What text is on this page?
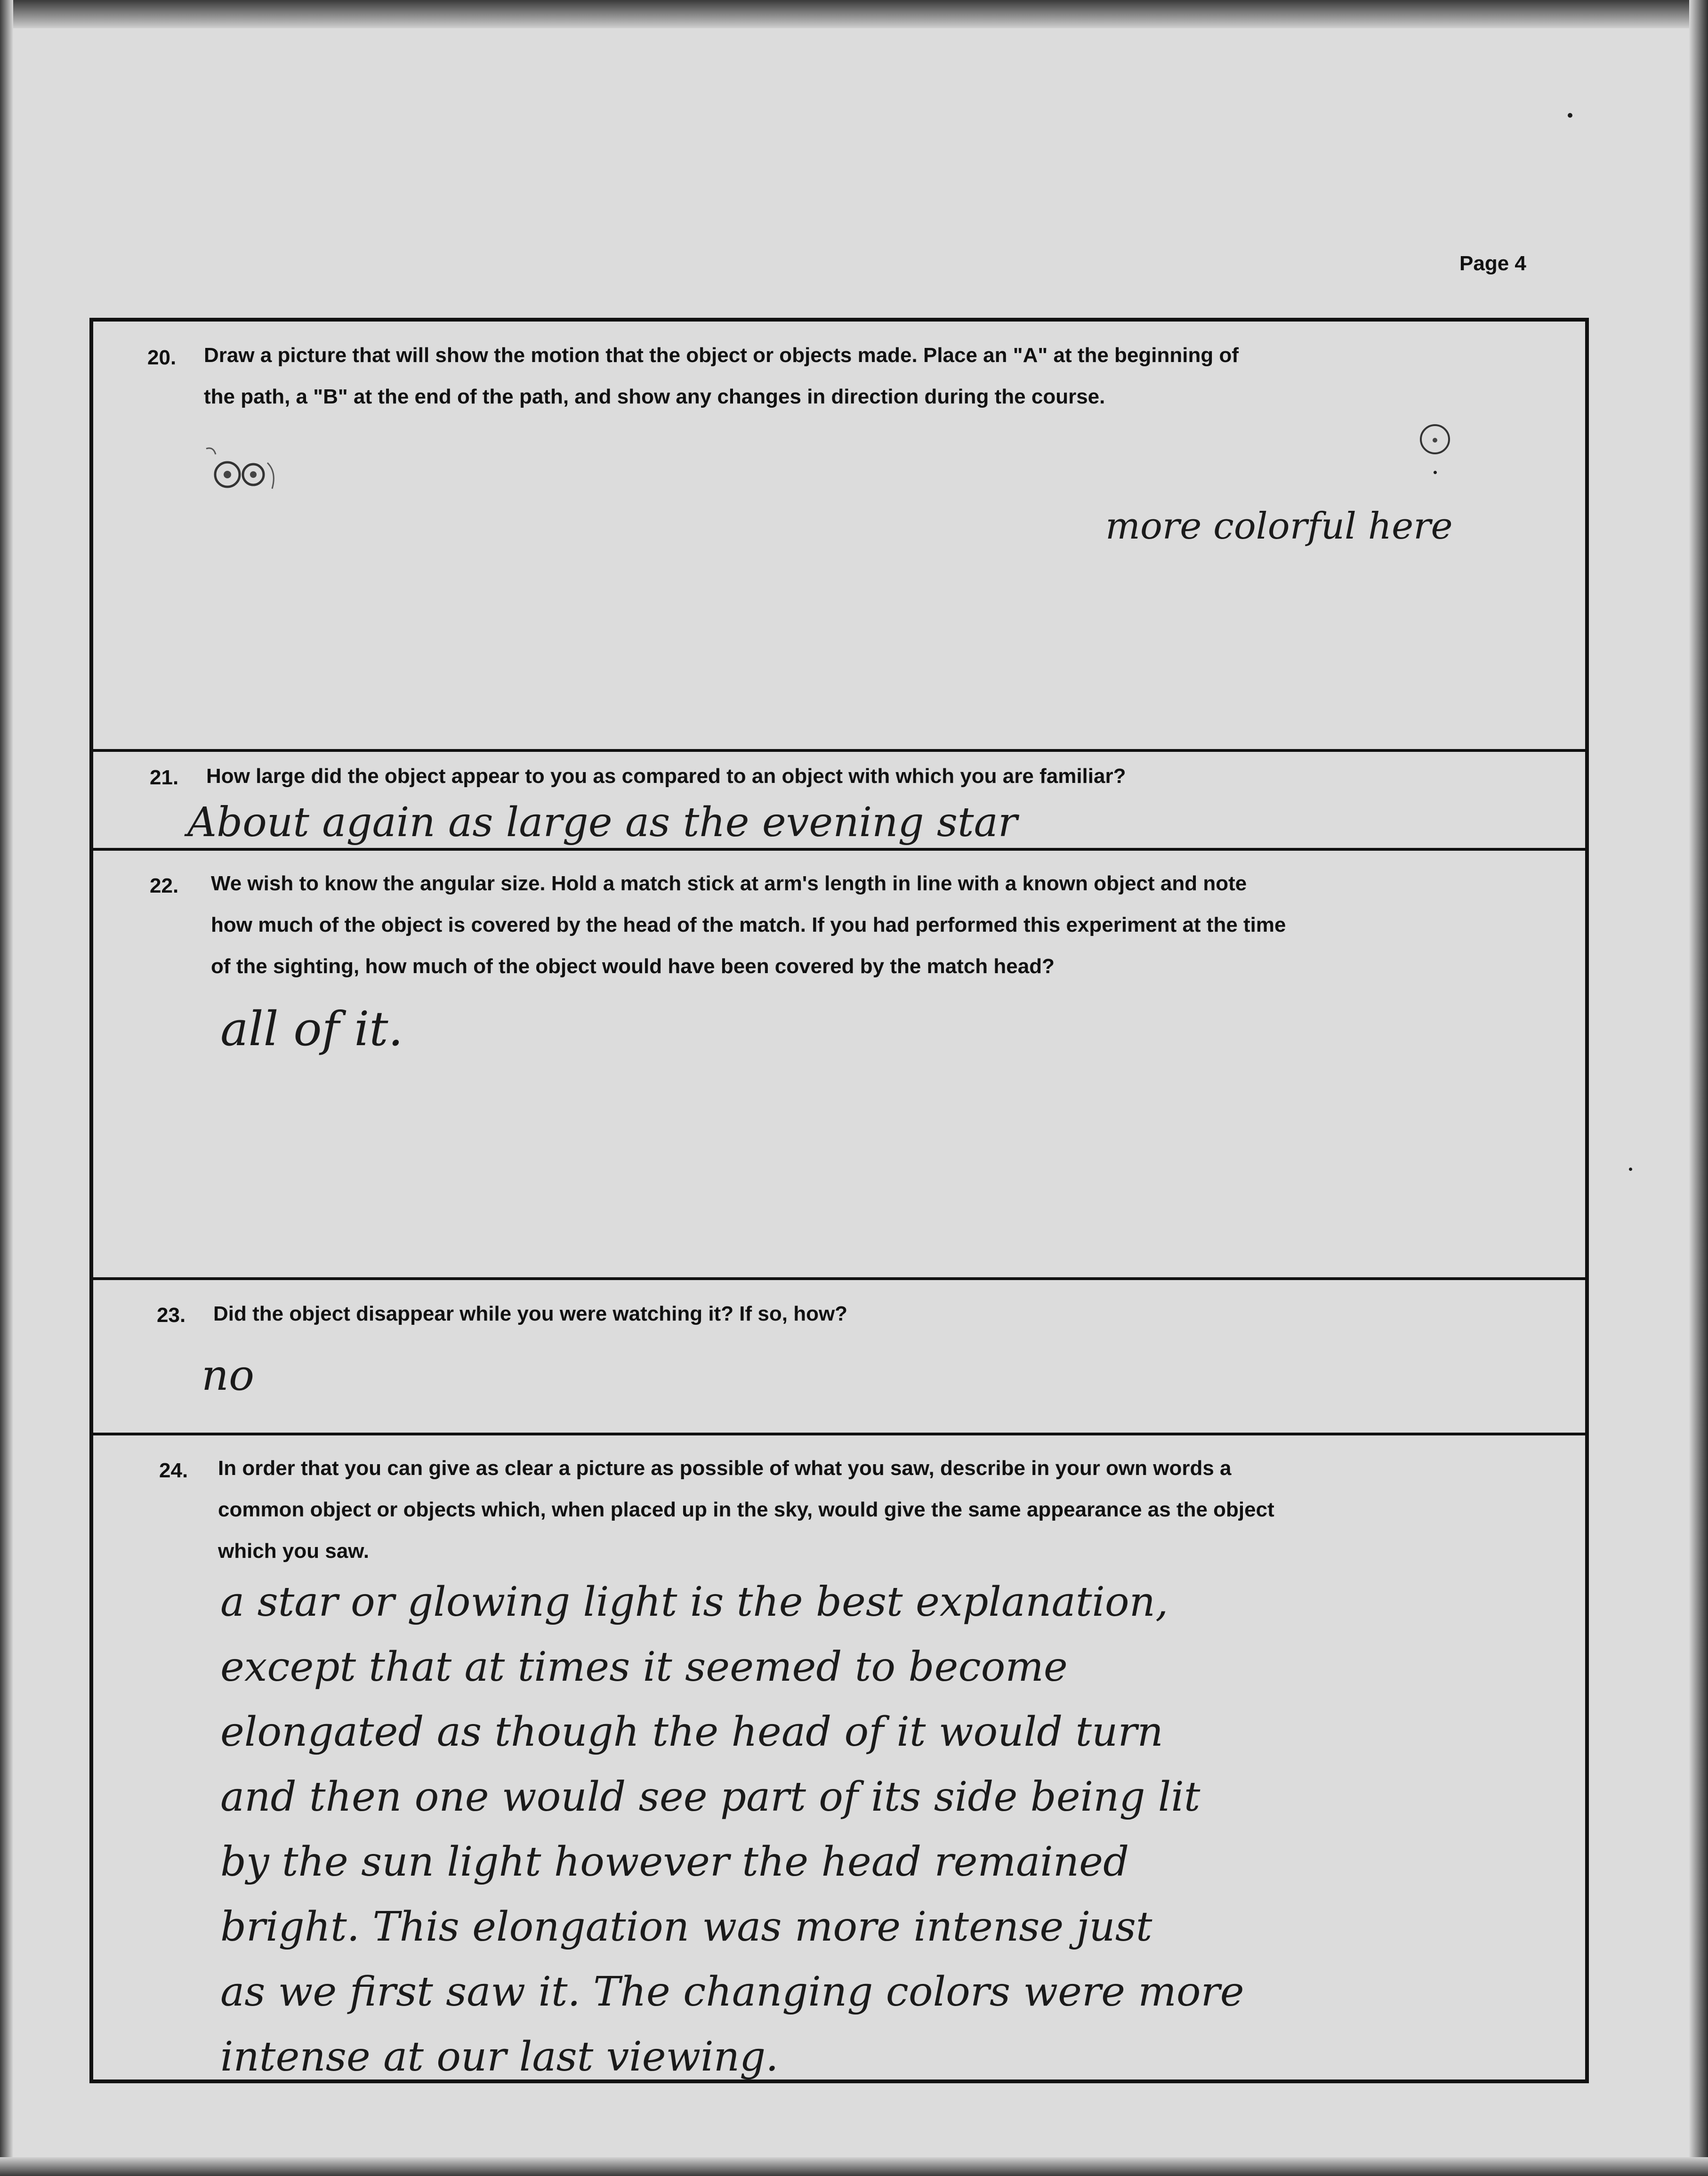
Page 4
20. Draw a picture that will show the motion that the object or objects made. Place an "A" at the beginning of
the path, a "B" at the end of the path, and show any changes in direction during the course.
more colorful here
21. How large did the object appear to you as compared to an object with which you are familiar?
About again as large as the evening star
22. We wish to know the angular size. Hold a match stick at arm's length in line with a known object and note
how much of the object is covered by the head of the match. If you had performed this experiment at the time
of the sighting, how much of the object would have been covered by the match head?
all of it.
23. Did the object disappear while you were watching it? If so, how?
no
24. In order that you can give as clear a picture as possible of what you saw, describe in your own words a
common object or objects which, when placed up in the sky, would give the same appearance as the object
which you saw.
a star or glowing light is the best explanation,
except that at times it seemed to become
elongated as though the head of it would turn
and then one would see part of its side being lit
by the sun light however the head remained
bright. This elongation was more intense just
as we first saw it. The changing colors were more
intense at our last viewing.
